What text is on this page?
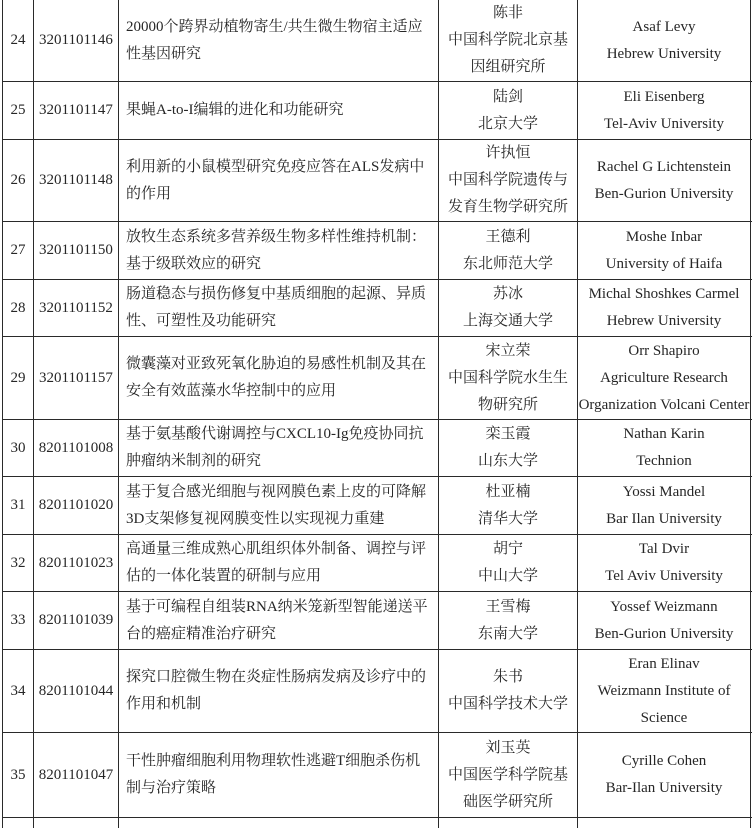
24 3201101146
20000个跨界动植物寄生/共生微生物宿主适应性基因研究
陈非
中国科学院北京基
因组研究所
Asaf Levy
Hebrew University
25 3201101147 果蝇A-to-I编辑的进化和功能研究
陆剑
北京大学
Eli Eisenberg
Tel-Aviv University
26 3201101148
利用新的小鼠模型研究免疫应答在ALS发病中的作用
许执恒
中国科学院遗传与
发育生物学研究所
Rachel G Lichtenstein
Ben-Gurion University
27 3201101150
放牧生态系统多营养级生物多样性维持机制：基于级联效应的研究
王德利
东北师范大学
Moshe Inbar
University of Haifa
28 3201101152
肠道稳态与损伤修复中基质细胞的起源、异质性、可塑性及功能研究
苏冰
上海交通大学
Michal Shoshkes Carmel
Hebrew University
29 3201101157
微囊藻对亚致死氧化胁迫的易感性机制及其在安全有效蓝藻水华控制中的应用
宋立荣
中国科学院水生生
物研究所
Orr Shapiro
Agriculture Research
Organization Volcani Center
30 8201101008
基于氨基酸代谢调控与CXCL10-Ig免疫协同抗肿瘤纳米制剂的研究
栾玉霞
山东大学
Nathan Karin
Technion
31 8201101020
基于复合感光细胞与视网膜色素上皮的可降解3D支架修复视网膜变性以实现视力重建
杜亚楠
清华大学
Yossi Mandel
Bar Ilan University
32 8201101023
高通量三维成熟心肌组织体外制备、调控与评估的一体化装置的研制与应用
胡宁
中山大学
Tal Dvir
Tel Aviv University
33 8201101039
基于可编程自组装RNA纳米笼新型智能递送平台的癌症精准治疗研究
王雪梅
东南大学
Yossef Weizmann
Ben-Gurion University
34 8201101044
探究口腔微生物在炎症性肠病发病及诊疗中的作用和机制
朱书
中国科学技术大学
Eran Elinav
Weizmann Institute of
Science
35 8201101047
干性肿瘤细胞利用物理软性逃避T细胞杀伤机制与治疗策略
刘玉英
中国医学科学院基
础医学研究所
Cyrille Cohen
Bar-Ilan University
